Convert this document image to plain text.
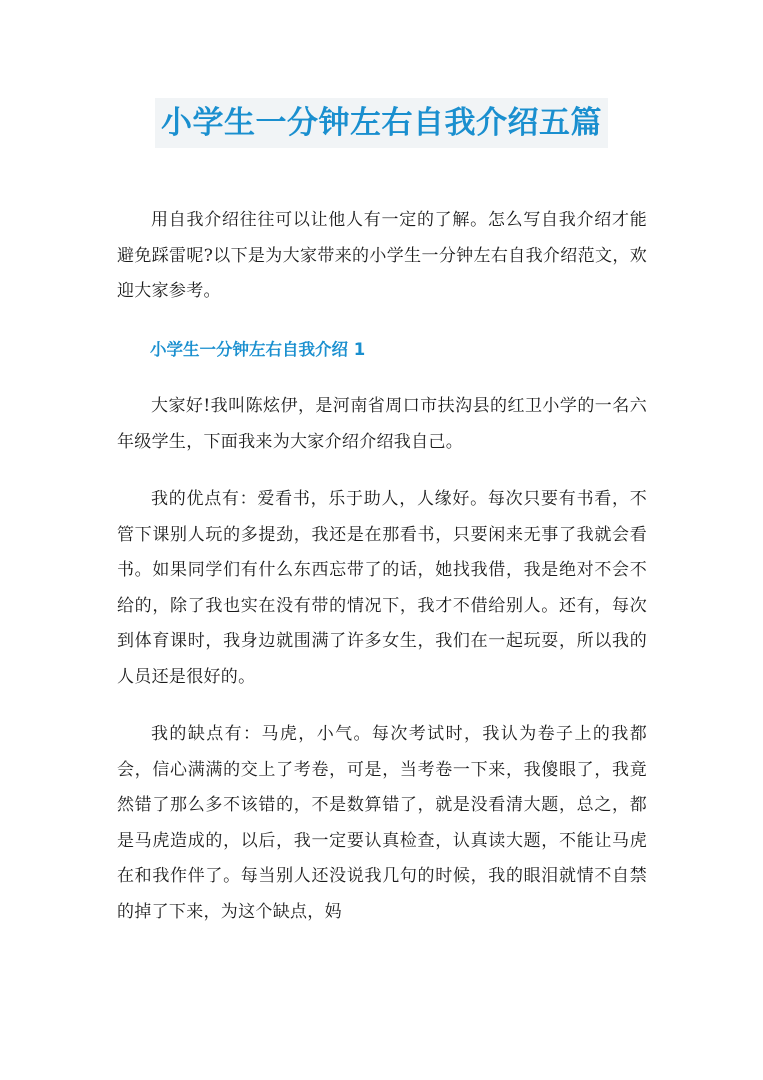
小学生一分钟左右自我介绍五篇

用自我介绍往往可以让他人有一定的了解。怎么写自我介绍才能避免踩雷呢?以下是为大家带来的小学生一分钟左右自我介绍范文，欢迎大家参考。

小学生一分钟左右自我介绍 1

大家好!我叫陈炫伊，是河南省周口市扶沟县的红卫小学的一名六年级学生，下面我来为大家介绍介绍我自己。

我的优点有：爱看书，乐于助人，人缘好。每次只要有书看，不管下课别人玩的多提劲，我还是在那看书，只要闲来无事了我就会看书。如果同学们有什么东西忘带了的话，她找我借，我是绝对不会不给的，除了我也实在没有带的情况下，我才不借给别人。还有，每次到体育课时，我身边就围满了许多女生，我们在一起玩耍，所以我的人员还是很好的。

我的缺点有：马虎，小气。每次考试时，我认为卷子上的我都会，信心满满的交上了考卷，可是，当考卷一下来，我傻眼了，我竟然错了那么多不该错的，不是数算错了，就是没看清大题，总之，都是马虎造成的，以后，我一定要认真检查，认真读大题，不能让马虎在和我作伴了。每当别人还没说我几句的时候，我的眼泪就情不自禁的掉了下来，为这个缺点，妈
